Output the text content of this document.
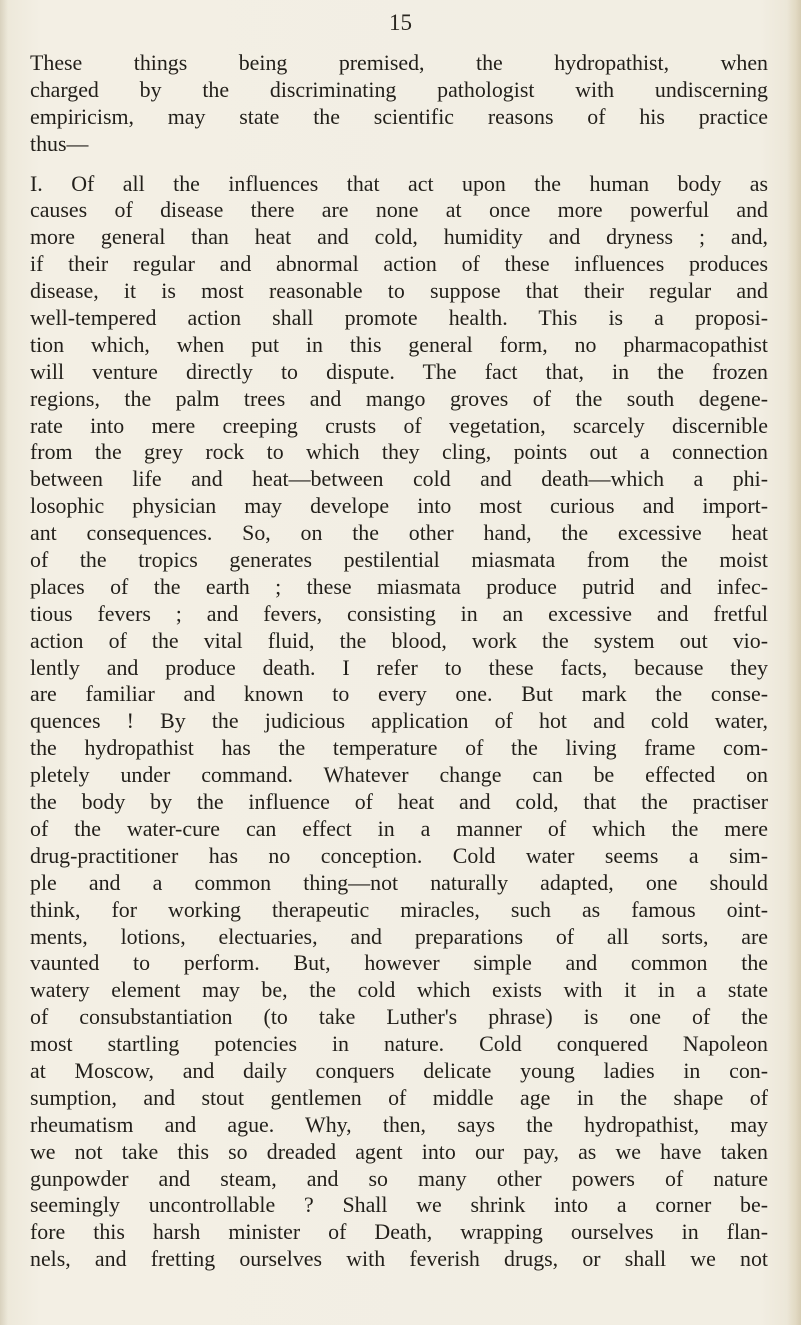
15
These things being premised, the hydropathist, when
charged by the discriminating pathologist with undiscerning
empiricism, may state the scientific reasons of his practice
thus—
I. Of all the influences that act upon the human body as
causes of disease there are none at once more powerful and
more general than heat and cold, humidity and dryness ; and,
if their regular and abnormal action of these influences produces
disease, it is most reasonable to suppose that their regular and
well-tempered action shall promote health. This is a proposi-
tion which, when put in this general form, no pharmacopathist
will venture directly to dispute. The fact that, in the frozen
regions, the palm trees and mango groves of the south degene-
rate into mere creeping crusts of vegetation, scarcely discernible
from the grey rock to which they cling, points out a connection
between life and heat—between cold and death—which a phi-
losophic physician may develope into most curious and import-
ant consequences. So, on the other hand, the excessive heat
of the tropics generates pestilential miasmata from the moist
places of the earth ; these miasmata produce putrid and infec-
tious fevers ; and fevers, consisting in an excessive and fretful
action of the vital fluid, the blood, work the system out vio-
lently and produce death. I refer to these facts, because they
are familiar and known to every one. But mark the conse-
quences ! By the judicious application of hot and cold water,
the hydropathist has the temperature of the living frame com-
pletely under command. Whatever change can be effected on
the body by the influence of heat and cold, that the practiser
of the water-cure can effect in a manner of which the mere
drug-practitioner has no conception. Cold water seems a sim-
ple and a common thing—not naturally adapted, one should
think, for working therapeutic miracles, such as famous oint-
ments, lotions, electuaries, and preparations of all sorts, are
vaunted to perform. But, however simple and common the
watery element may be, the cold which exists with it in a state
of consubstantiation (to take Luther's phrase) is one of the
most startling potencies in nature. Cold conquered Napoleon
at Moscow, and daily conquers delicate young ladies in con-
sumption, and stout gentlemen of middle age in the shape of
rheumatism and ague. Why, then, says the hydropathist, may
we not take this so dreaded agent into our pay, as we have taken
gunpowder and steam, and so many other powers of nature
seemingly uncontrollable ? Shall we shrink into a corner be-
fore this harsh minister of Death, wrapping ourselves in flan-
nels, and fretting ourselves with feverish drugs, or shall we not
